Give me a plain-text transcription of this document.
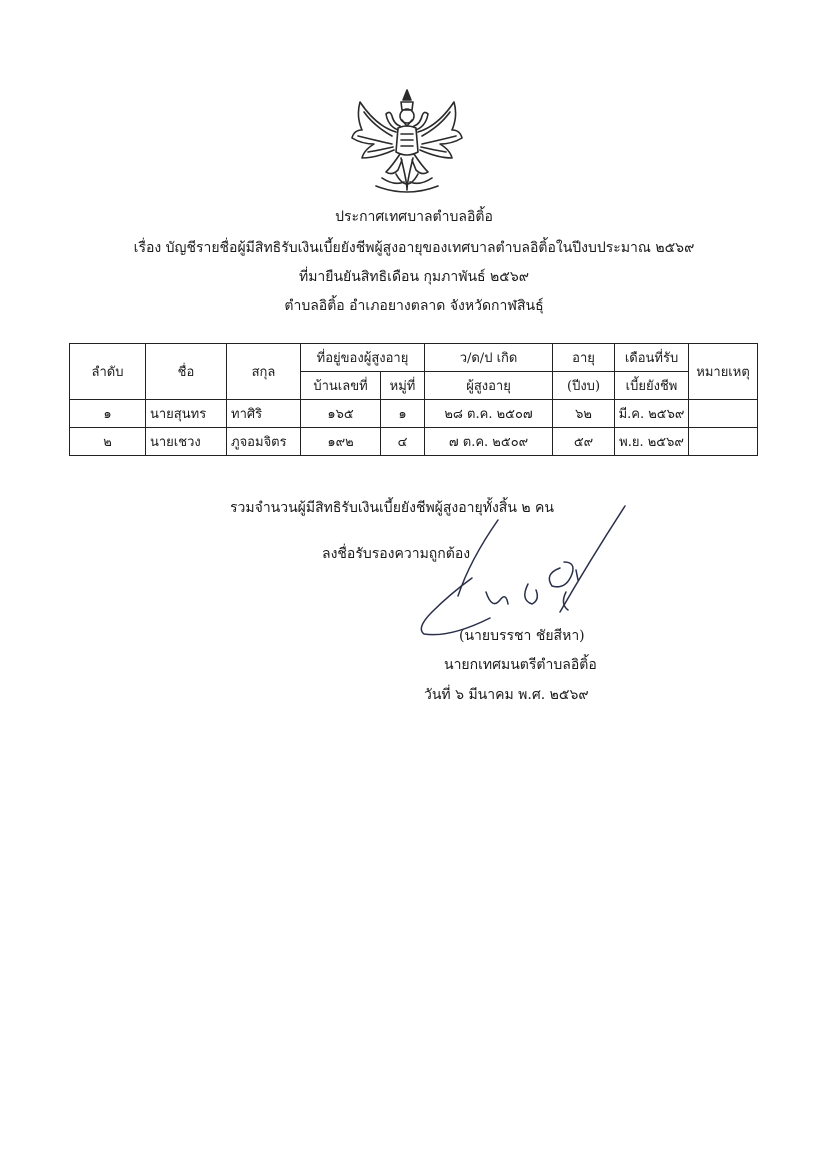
ประกาศเทศบาลตำบลอิติ้อ
เรื่อง บัญชีรายชื่อผู้มีสิทธิรับเงินเบี้ยยังชีพผู้สูงอายุของเทศบาลตำบลอิติ้อในปีงบประมาณ ๒๕๖๙
ที่มายืนยันสิทธิเดือน กุมภาพันธ์ ๒๕๖๙
ตำบลอิติ้อ อำเภอยางตลาด จังหวัดกาฬสินธุ์
ลำดับ	ชื่อ	สกุล	ที่อยู่ของผู้สูงอายุ		ว/ด/ป เกิด	อายุ	เดือนที่รับ	หมายเหตุ
			บ้านเลขที่	หมู่ที่	ผู้สูงอายุ	(ปีงบ)	เบี้ยยังชีพ	
๑	นายสุนทร	ทาศิริ	๑๖๕	๑	๒๘ ต.ค. ๒๕๐๗	๖๒	มี.ค. ๒๕๖๙	
๒	นายเชวง	ภูจอมจิตร	๑๙๒	๔	๗ ต.ค. ๒๕๐๙	๕๙	พ.ย. ๒๕๖๙	
รวมจำนวนผู้มีสิทธิรับเงินเบี้ยยังชีพผู้สูงอายุทั้งสิ้น ๒ คน
ลงชื่อรับรองความถูกต้อง
(นายบรรชา ชัยสีหา)
นายกเทศมนตรีตำบลอิติ้อ
วันที่ ๖ มีนาคม พ.ศ. ๒๕๖๙
